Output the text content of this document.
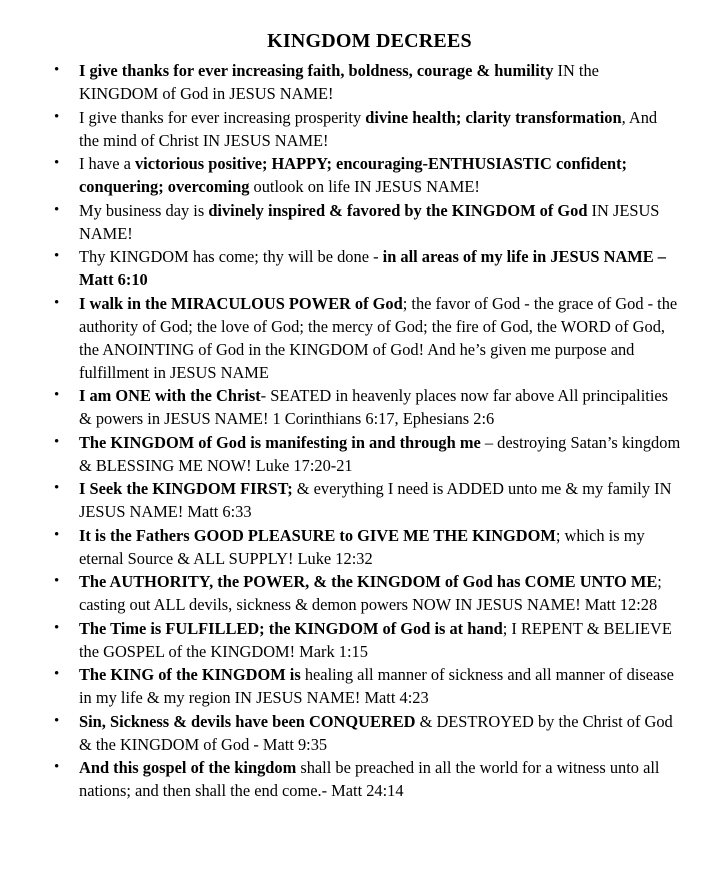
KINGDOM DECREES
• I give thanks for ever increasing faith, boldness, courage & humility IN the KINGDOM of God in JESUS NAME!
• I give thanks for ever increasing prosperity divine health; clarity transformation, And the mind of Christ IN JESUS NAME!
• I have a victorious positive; HAPPY; encouraging-ENTHUSIASTIC confident; conquering; overcoming outlook on life IN JESUS NAME!
• My business day is divinely inspired & favored by the KINGDOM of God IN JESUS NAME!
• Thy KINGDOM has come; thy will be done - in all areas of my life in JESUS NAME – Matt 6:10
• I walk in the MIRACULOUS POWER of God; the favor of God - the grace of God - the authority of God; the love of God; the mercy of God; the fire of God, the WORD of God, the ANOINTING of God in the KINGDOM of God! And he’s given me purpose and fulfillment in JESUS NAME
• I am ONE with the Christ- SEATED in heavenly places now far above All principalities & powers in JESUS NAME! 1 Corinthians 6:17, Ephesians 2:6
• The KINGDOM of God is manifesting in and through me – destroying Satan’s kingdom & BLESSING ME NOW! Luke 17:20-21
• I Seek the KINGDOM FIRST; & everything I need is ADDED unto me & my family IN JESUS NAME! Matt 6:33
• It is the Fathers GOOD PLEASURE to GIVE ME THE KINGDOM; which is my eternal Source & ALL SUPPLY! Luke 12:32
• The AUTHORITY, the POWER, & the KINGDOM of God has COME UNTO ME; casting out ALL devils, sickness & demon powers NOW IN JESUS NAME! Matt 12:28
• The Time is FULFILLED; the KINGDOM of God is at hand; I REPENT & BELIEVE the GOSPEL of the KINGDOM! Mark 1:15
• The KING of the KINGDOM is healing all manner of sickness and all manner of disease in my life & my region IN JESUS NAME! Matt 4:23
• Sin, Sickness & devils have been CONQUERED & DESTROYED by the Christ of God & the KINGDOM of God - Matt 9:35
• And this gospel of the kingdom shall be preached in all the world for a witness unto all nations; and then shall the end come.- Matt 24:14
